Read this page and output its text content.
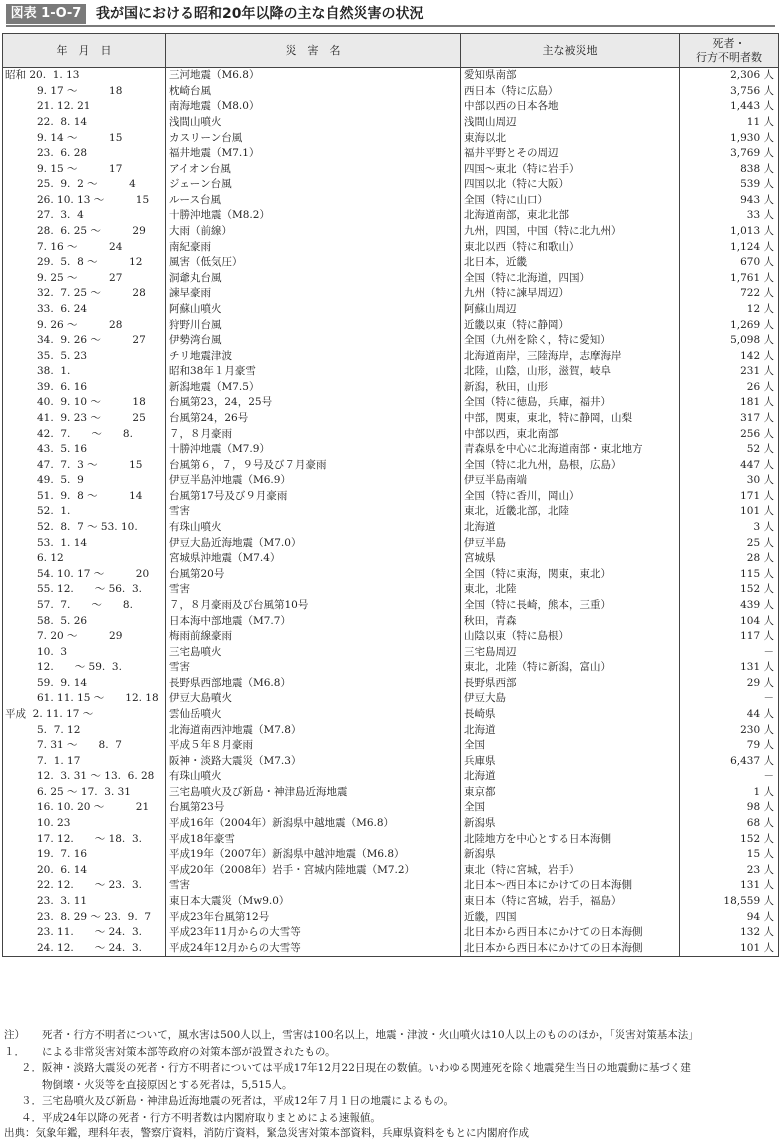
図表 1-O-7	我が国における昭和20年以降の主な自然災害の状況
年　月　日	災　害　名	主な被災地	死者・
行方不明者数
昭和 20.  1. 13	三河地震（M6.8）	愛知県南部	2,306 人
9. 17 ～　　　18	枕崎台風	西日本（特に広島）	3,756 人
21. 12. 21	南海地震（M8.0）	中部以西の日本各地	1,443 人
22.  8. 14	浅間山噴火	浅間山周辺	11 人
9. 14 ～　　　15	カスリーン台風	東海以北	1,930 人
23.  6. 28	福井地震（M7.1）	福井平野とその周辺	3,769 人
9. 15 ～　　　17	アイオン台風	四国～東北（特に岩手）	838 人
25.  9.  2 ～　　　4	ジェーン台風	四国以北（特に大阪）	539 人
26. 10. 13 ～　　　15	ルース台風	全国（特に山口）	943 人
27.  3.  4	十勝沖地震（M8.2）	北海道南部，東北北部	33 人
28.  6. 25 ～　　　29	大雨（前線）	九州，四国，中国（特に北九州）	1,013 人
7. 16 ～　　　24	南紀豪雨	東北以西（特に和歌山）	1,124 人
29.  5.  8 ～　　　12	風害（低気圧）	北日本，近畿	670 人
9. 25 ～　　　27	洞爺丸台風	全国（特に北海道，四国）	1,761 人
32.  7. 25 ～　　　28	諫早豪雨	九州（特に諫早周辺）	722 人
33.  6. 24	阿蘇山噴火	阿蘇山周辺	12 人
9. 26 ～　　　28	狩野川台風	近畿以東（特に静岡）	1,269 人
34.  9. 26 ～　　　27	伊勢湾台風	全国（九州を除く，特に愛知）	5,098 人
35.  5. 23	チリ地震津波	北海道南岸，三陸海岸，志摩海岸	142 人
38.  1.	昭和38年１月豪雪	北陸，山陰，山形，滋賀，岐阜	231 人
39.  6. 16	新潟地震（M7.5）	新潟，秋田，山形	26 人
40.  9. 10 ～　　　18	台風第23，24，25号	全国（特に徳島，兵庫，福井）	181 人
41.  9. 23 ～　　　25	台風第24，26号	中部，関東，東北，特に静岡，山梨	317 人
42.  7.　　～　　8.	７，８月豪雨	中部以西，東北南部	256 人
43.  5. 16	十勝沖地震（M7.9）	青森県を中心に北海道南部・東北地方	52 人
47.  7.  3 ～　　　15	台風第６，７，９号及び７月豪雨	全国（特に北九州，島根，広島）	447 人
49.  5.  9	伊豆半島沖地震（M6.9）	伊豆半島南端	30 人
51.  9.  8 ～　　　14	台風第17号及び９月豪雨	全国（特に香川，岡山）	171 人
52.  1.	雪害	東北，近畿北部，北陸	101 人
52.  8.  7 ～ 53. 10.	有珠山噴火	北海道	3 人
53.  1. 14	伊豆大島近海地震（M7.0）	伊豆半島	25 人
6. 12	宮城県沖地震（M7.4）	宮城県	28 人
54. 10. 17 ～　　　20	台風第20号	全国（特に東海，関東，東北）	115 人
55. 12.　　～ 56.  3.	雪害	東北，北陸	152 人
57.  7.　　～　　8.	７，８月豪雨及び台風第10号	全国（特に長崎，熊本，三重）	439 人
58.  5. 26	日本海中部地震（M7.7）	秋田，青森	104 人
7. 20 ～　　　29	梅雨前線豪雨	山陰以東（特に島根）	117 人
10.  3	三宅島噴火	三宅島周辺	－
12.　　～ 59.  3.	雪害	東北，北陸（特に新潟，富山）	131 人
59.  9. 14	長野県西部地震（M6.8）	長野県西部	29 人
61. 11. 15 ～　　12. 18	伊豆大島噴火	伊豆大島	－
平成  2. 11. 17 ～	雲仙岳噴火	長崎県	44 人
5.  7. 12	北海道南西沖地震（M7.8）	北海道	230 人
7. 31 ～　　8.  7	平成５年８月豪雨	全国	79 人
7.  1. 17	阪神・淡路大震災（M7.3）	兵庫県	6,437 人
12.  3. 31 ～ 13.  6. 28	有珠山噴火	北海道	－
6. 25 ～ 17.  3. 31	三宅島噴火及び新島・神津島近海地震	東京都	1 人
16. 10. 20 ～　　　21	台風第23号	全国	98 人
10. 23	平成16年（2004年）新潟県中越地震（M6.8）	新潟県	68 人
17. 12.　　～ 18.  3.	平成18年豪雪	北陸地方を中心とする日本海側	152 人
19.  7. 16	平成19年（2007年）新潟県中越沖地震（M6.8）	新潟県	15 人
20.  6. 14	平成20年（2008年）岩手・宮城内陸地震（M7.2）	東北（特に宮城，岩手）	23 人
22. 12.　　～ 23.  3.	雪害	北日本～西日本にかけての日本海側	131 人
23.  3. 11	東日本大震災（Mw9.0）	東日本（特に宮城，岩手，福島）	18,559 人
23.  8. 29 ～ 23.  9.  7	平成23年台風第12号	近畿，四国	94 人
23. 11.　　～ 24.  3.	平成23年11月からの大雪等	北日本から西日本にかけての日本海側	132 人
24. 12.　　～ 24.  3.	平成24年12月からの大雪等	北日本から西日本にかけての日本海側	101 人
注）１．
死者・行方不明者について，風水害は500人以上，雪害は100名以上，地震・津波・火山噴火は10人以上のもののほか，「災害対策基本法」
による非常災害対策本部等政府の対策本部が設置されたもの。
２． 阪神・淡路大震災の死者・行方不明者については平成17年12月22日現在の数値。いわゆる関連死を除く地震発生当日の地震動に基づく建
物倒壊・火災等を直接原因とする死者は，5,515人。
３． 三宅島噴火及び新島・神津島近海地震の死者は，平成12年７月１日の地震によるもの。
４． 平成24年以降の死者・行方不明者数は内閣府取りまとめによる速報値。
出典：気象年鑑，理科年表，警察庁資料，消防庁資料，緊急災害対策本部資料，兵庫県資料をもとに内閣府作成
